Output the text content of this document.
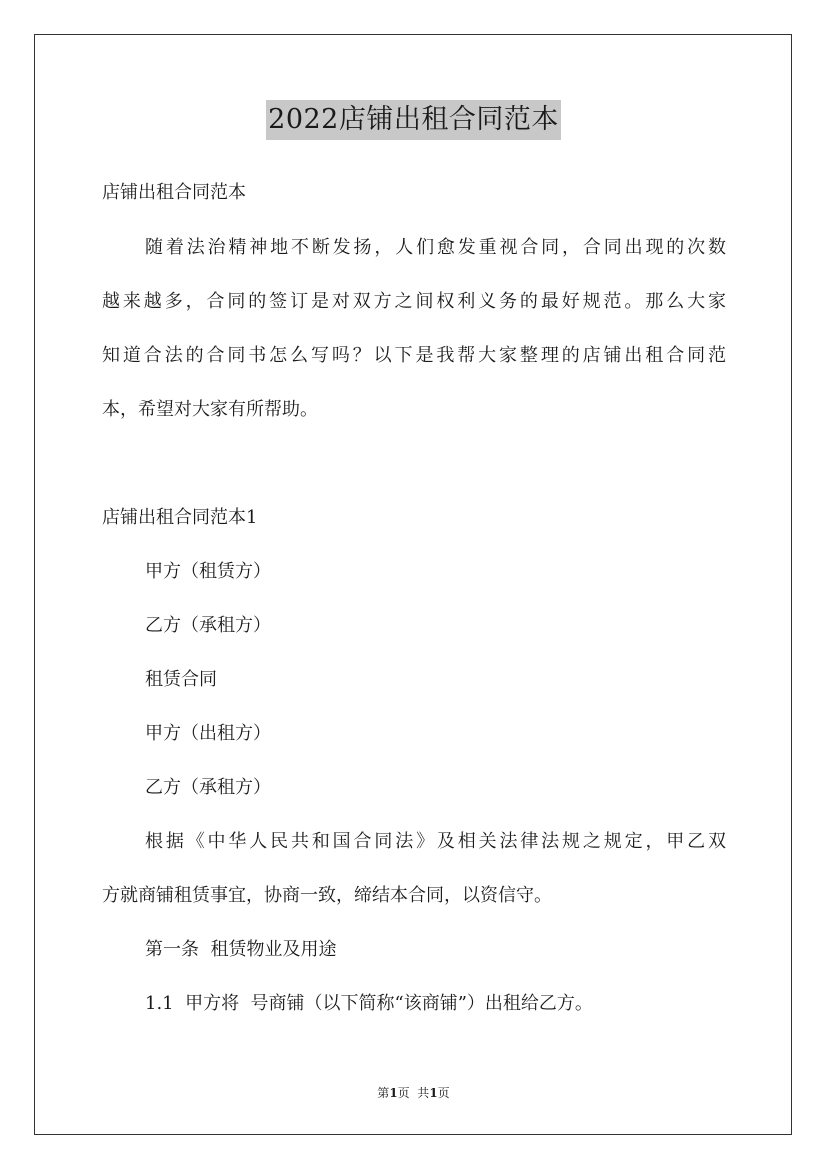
2022店铺出租合同范本
店铺出租合同范本
随着法治精神地不断发扬，人们愈发重视合同，合同出现的次数
越来越多，合同的签订是对双方之间权利义务的最好规范。那么大家
知道合法的合同书怎么写吗？以下是我帮大家整理的店铺出租合同范
本，希望对大家有所帮助。
店铺出租合同范本1
甲方（租赁方）
乙方（承租方）
租赁合同
甲方（出租方）
乙方（承租方）
根据《中华人民共和国合同法》及相关法律法规之规定，甲乙双
方就商铺租赁事宜，协商一致，缔结本合同，以资信守。
第一条  租赁物业及用途
1.1  甲方将  号商铺（以下简称“该商铺”）出租给乙方。
第1页  共1页
